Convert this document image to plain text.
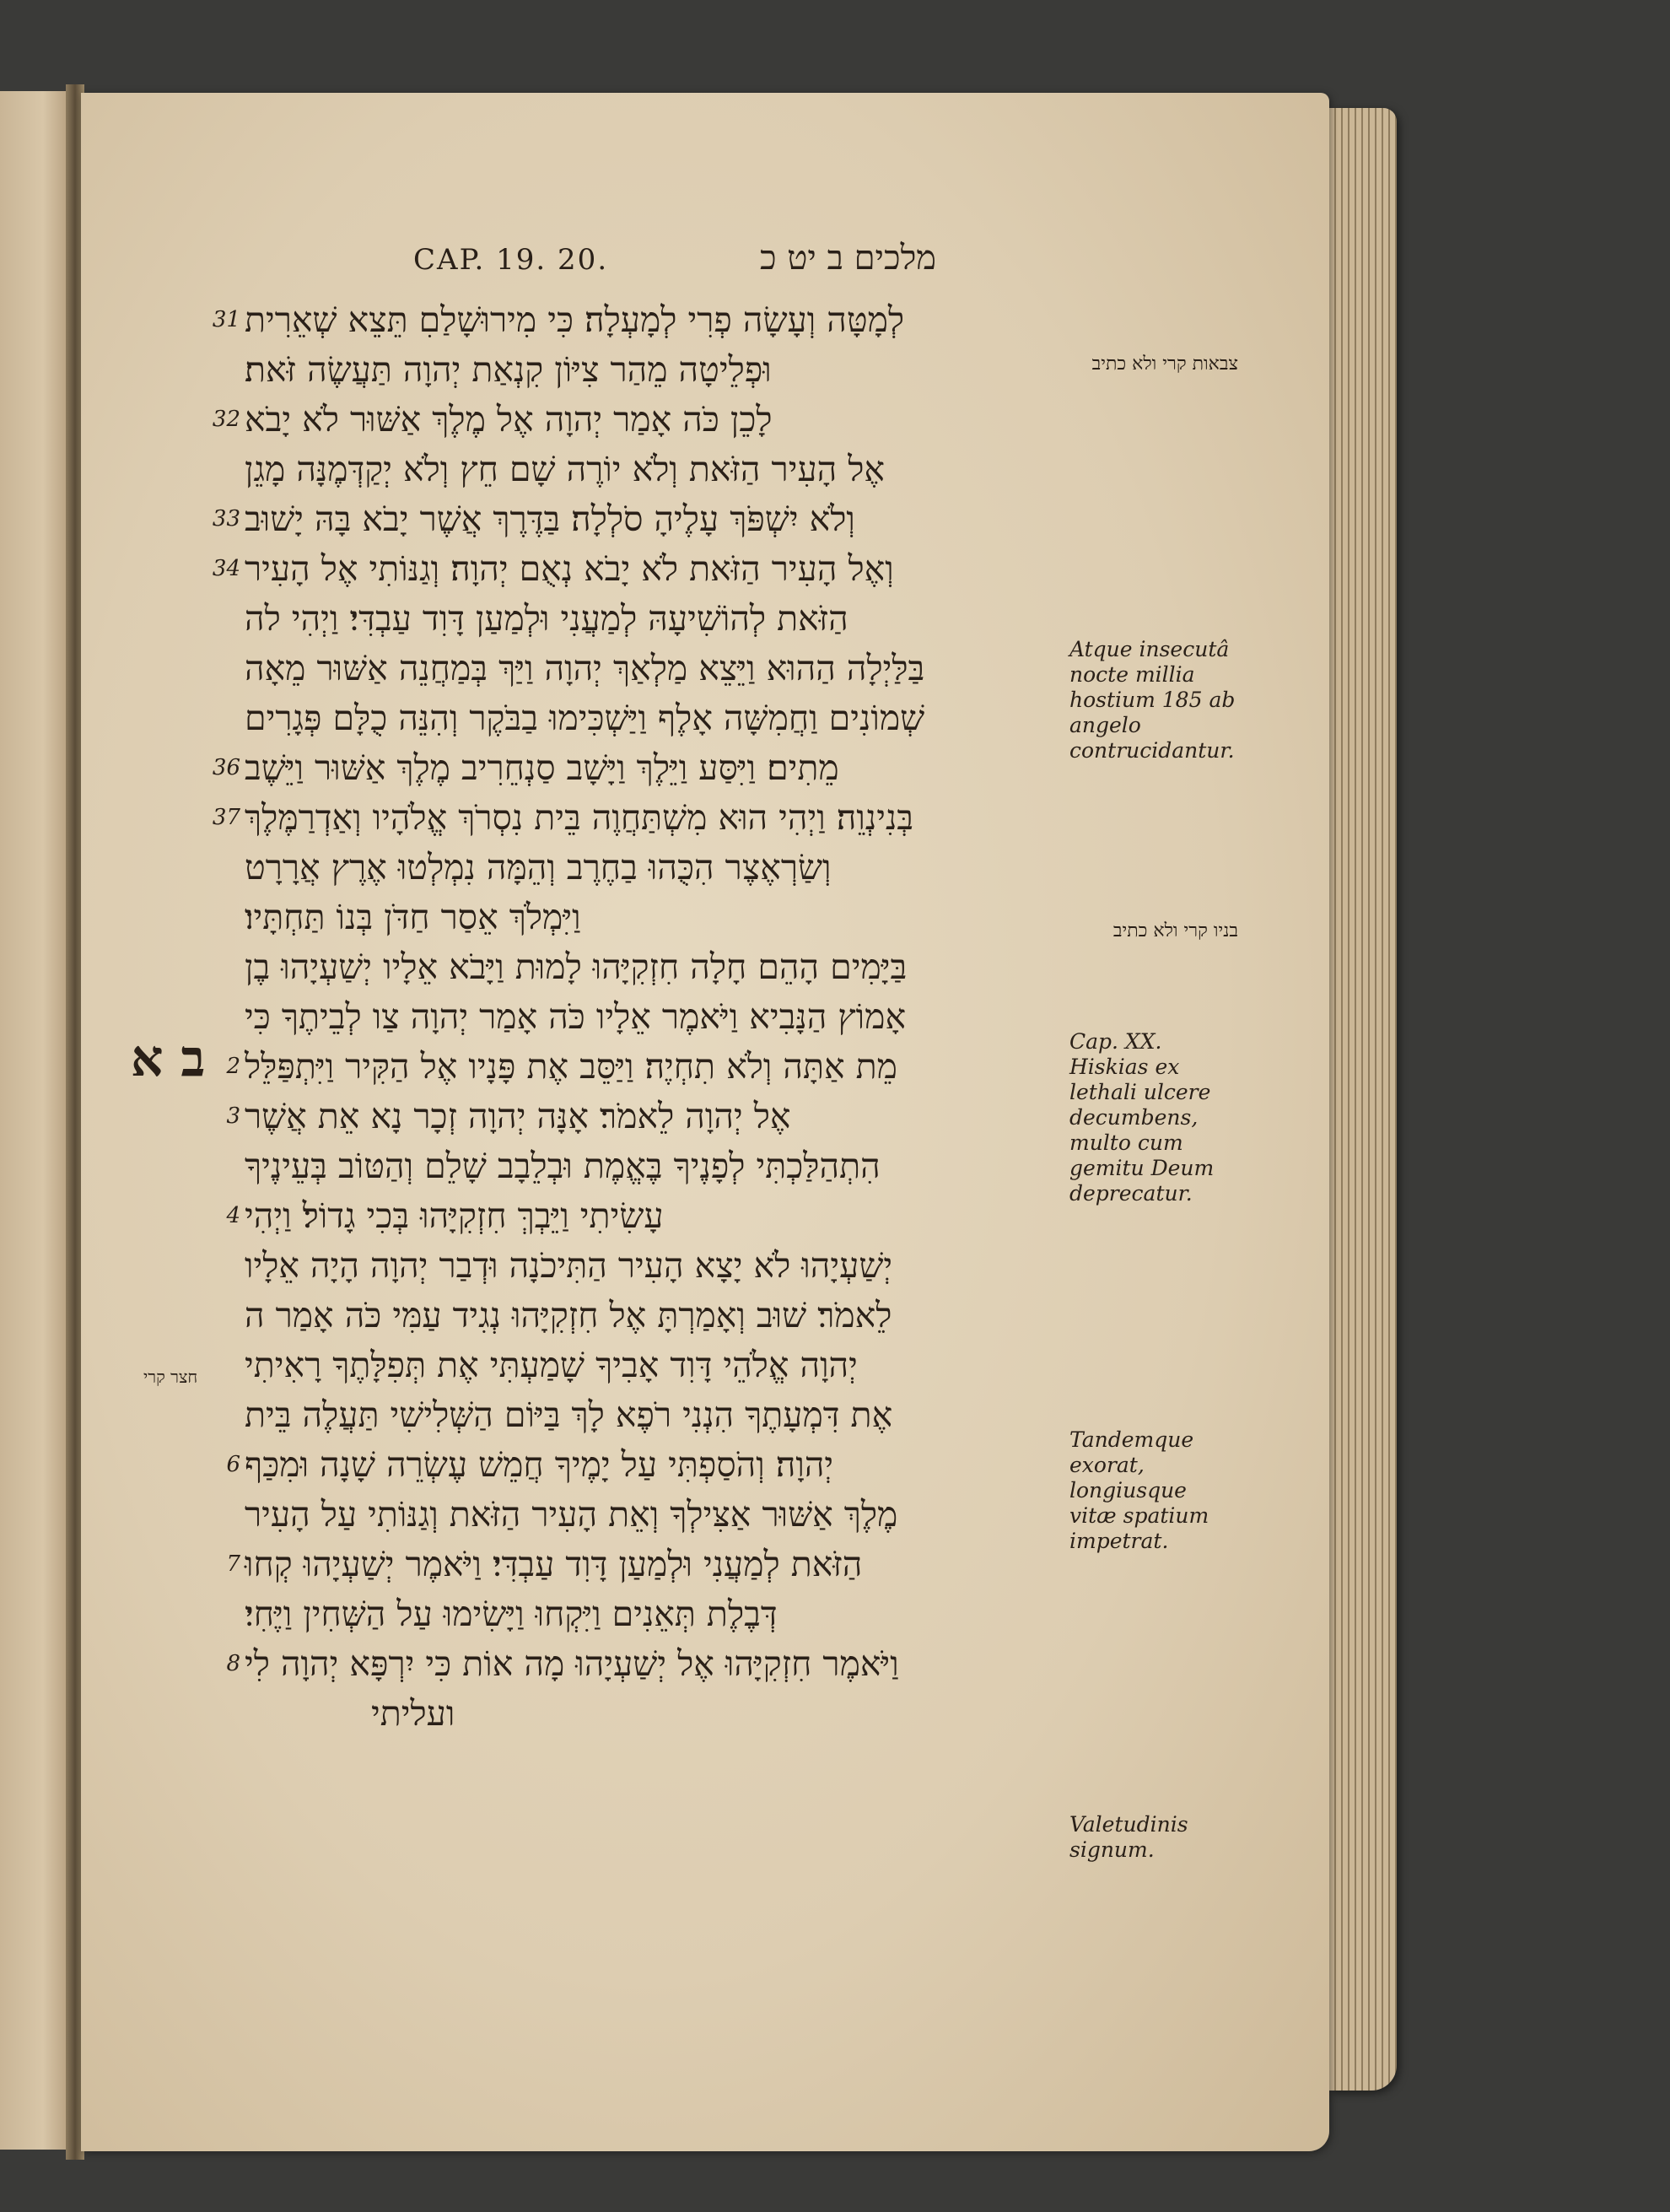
CAP. 19. 20.	מלכים ב יט כ
לְמָטָּה וְעָשָׂה פְרִי לְמָעְלָה׃ כִּי מִירוּשָׁלַםִ תֵּצֵא שְׁאֵרִית
וּפְלֵיטָה מֵהַר צִיּוֹן קִנְאַת יְהוָה תַּעֲשֶׂה זֹּאת׃
לָכֵן כֹּה אָמַר יְהוָה אֶל מֶלֶךְ אַשּׁוּר לֹא יָבֹא
אֶל הָעִיר הַזֹּאת וְלֹא יוֹרֶה שָׁם חֵץ וְלֹא יְקַדְּמֶנָּה מָגֵן
וְלֹא יִשְׁפֹּךְ עָלֶיהָ סֹלְלָה׃ בַּדֶּרֶךְ אֲשֶׁר יָבֹא בָּהּ יָשׁוּב
וְאֶל הָעִיר הַזֹּאת לֹא יָבֹא נְאֻם יְהוָה׃ וְגַנּוֹתִי אֶל הָעִיר
הַזֹּאת לְהוֹשִׁיעָהּ לְמַעֲנִי וּלְמַעַן דָּוִד עַבְדִּי׃ וַיְהִי לה
בַּלַּיְלָה הַהוּא וַיֵּצֵא מַלְאַךְ יְהוָה וַיַּךְ בְּמַחֲנֵה אַשּׁוּר מֵאָה
שְׁמוֹנִים וַחֲמִשָּׁה אָלֶף וַיַּשְׁכִּימוּ בַבֹּקֶר וְהִנֵּה כֻלָּם פְּגָרִים
מֵתִים׃ וַיִּסַּע וַיֵּלֶךְ וַיָּשָׁב סַנְחֵרִיב מֶלֶךְ אַשּׁוּר וַיֵּשֶׁב
בְּנִינְוֵה׃ וַיְהִי הוּא מִשְׁתַּחֲוֶה בֵּית נִסְרֹךְ אֱלֹהָיו וְאַדְרַמֶּלֶךְ
וְשַׂרְאֶצֶר הִכֻּהוּ בַחֶרֶב וְהֵמָּה נִמְלְטוּ אֶרֶץ אֲרָרָט
וַיִּמְלֹךְ אֵסַר חַדֹּן בְּנוֹ תַּחְתָּיו׃
בַּיָּמִים הָהֵם חָלָה חִזְקִיָּהוּ לָמוּת וַיָּבֹא אֵלָיו יְשַׁעְיָהוּ בֶן
אָמוֹץ הַנָּבִיא וַיֹּאמֶר אֵלָיו כֹּה אָמַר יְהוָה צַו לְבֵיתֶךָ כִּי
מֵת אַתָּה וְלֹא תִחְיֶה׃ וַיַּסֵּב אֶת פָּנָיו אֶל הַקִּיר וַיִּתְפַּלֵּל
אֶל יְהוָה לֵאמֹר׃ אָנָּה יְהוָה זְכָר נָא אֵת אֲשֶׁר
הִתְהַלַּכְתִּי לְפָנֶיךָ בֶּאֱמֶת וּבְלֵבָב שָׁלֵם וְהַטּוֹב בְּעֵינֶיךָ
עָשִׂיתִי וַיֵּבְךְּ חִזְקִיָּהוּ בְּכִי גָדוֹל׃ וַיְהִי
יְשַׁעְיָהוּ לֹא יָצָא הָעִיר הַתִּיכֹנָה וּדְבַר יְהוָה הָיָה אֵלָיו
לֵאמֹר׃ שׁוּב וְאָמַרְתָּ אֶל חִזְקִיָּהוּ נְגִיד עַמִּי כֹּה אָמַר ה
יְהוָה אֱלֹהֵי דָּוִד אָבִיךָ שָׁמַעְתִּי אֶת תְּפִלָּתֶךָ רָאִיתִי
אֶת דִּמְעָתֶךָ הִנְנִי רֹפֶא לָךְ בַּיּוֹם הַשְּׁלִישִׁי תַּעֲלֶה בֵּית
יְהוָה׃ וְהֹסַפְתִּי עַל יָמֶיךָ חֲמֵשׁ עֶשְׂרֵה שָׁנָה וּמִכַּף
מֶלֶךְ אַשּׁוּר אַצִּילְךָ וְאֵת הָעִיר הַזֹּאת וְגַנּוֹתִי עַל הָעִיר
הַזֹּאת לְמַעֲנִי וּלְמַעַן דָּוִד עַבְדִּי׃ וַיֹּאמֶר יְשַׁעְיָהוּ קְחוּ
דְּבֶלֶת תְּאֵנִים וַיִּקְחוּ וַיָּשִׂימוּ עַל הַשְּׁחִין וַיֶּחִי׃
וַיֹּאמֶר חִזְקִיָּהוּ אֶל יְשַׁעְיָהוּ מָה אוֹת כִּי יִרְפָּא יְהוָה לִי
ועליתי
ב א
31
32
33
34
36
37
2
3
4
6
7
8
צבאות קרי ולא כתיב
Atque insecutâ nocte millia hostium 185 ab angelo contrucidantur.
בניו קרי ולא כתיב
Cap. XX. Hiskias ex lethali ulcere decumbens, multo cum gemitu Deum deprecatur.
חצר קרי
Tandemque exorat, longiusque vitæ spatium impetrat.
Valetudinis signum.
